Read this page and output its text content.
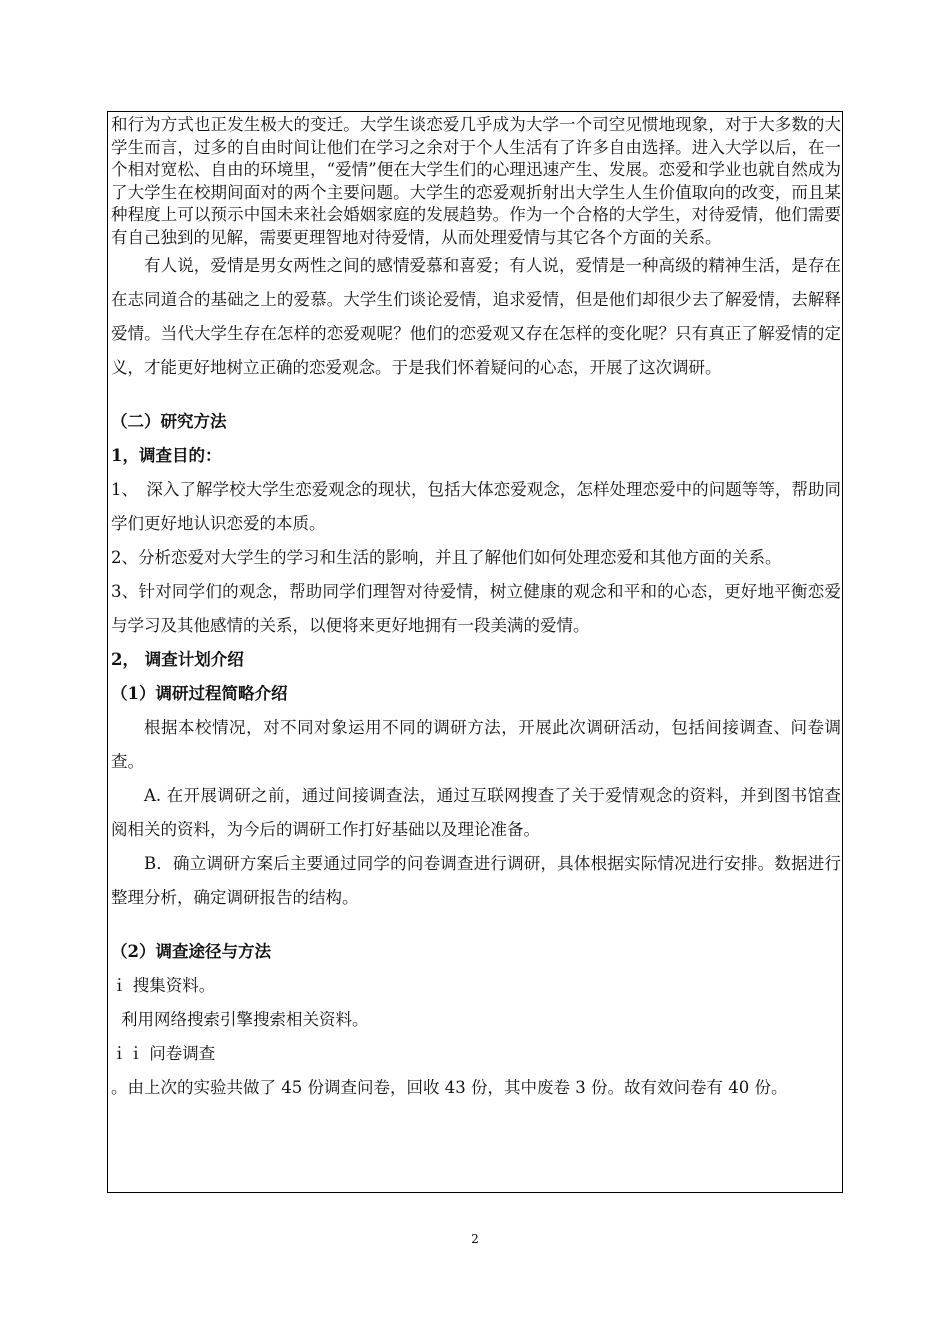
和行为方式也正发生极大的变迁。大学生谈恋爱几乎成为大学一个司空见惯地现象，对于大多数的大学生而言，过多的自由时间让他们在学习之余对于个人生活有了许多自由选择。进入大学以后，在一个相对宽松、自由的环境里，“爱情”便在大学生们的心理迅速产生、发展。恋爱和学业也就自然成为了大学生在校期间面对的两个主要问题。大学生的恋爱观折射出大学生人生价值取向的改变，而且某种程度上可以预示中国未来社会婚姻家庭的发展趋势。作为一个合格的大学生，对待爱情，他们需要有自己独到的见解，需要更理智地对待爱情，从而处理爱情与其它各个方面的关系。

有人说，爱情是男女两性之间的感情爱慕和喜爱；有人说，爱情是一种高级的精神生活，是存在在志同道合的基础之上的爱慕。大学生们谈论爱情，追求爱情，但是他们却很少去了解爱情，去解释爱情。当代大学生存在怎样的恋爱观呢？他们的恋爱观又存在怎样的变化呢？只有真正了解爱情的定义，才能更好地树立正确的恋爱观念。于是我们怀着疑问的心态，开展了这次调研。

（二）研究方法

1，调查目的：

1、　深入了解学校大学生恋爱观念的现状，包括大体恋爱观念，怎样处理恋爱中的问题等等，帮助同学们更好地认识恋爱的本质。

2、分析恋爱对大学生的学习和生活的影响，并且了解他们如何处理恋爱和其他方面的关系。

3、针对同学们的观念，帮助同学们理智对待爱情，树立健康的观念和平和的心态，更好地平衡恋爱与学习及其他感情的关系，以便将来更好地拥有一段美满的爱情。

2， 调查计划介绍

（1）调研过程简略介绍

根据本校情况，对不同对象运用不同的调研方法，开展此次调研活动，包括间接调查、问卷调查。

A. 在开展调研之前，通过间接调查法，通过互联网搜查了关于爱情观念的资料，并到图书馆查阅相关的资料，为今后的调研工作打好基础以及理论准备。

B．确立调研方案后主要通过同学的问卷调查进行调研，具体根据实际情况进行安排。数据进行整理分析，确定调研报告的结构。

（2）调查途径与方法

ｉ 搜集资料。

利用网络搜索引擎搜索相关资料。

ｉｉ 问卷调查

。由上次的实验共做了 45 份调查问卷，回收 43 份，其中废卷 3 份。故有效问卷有 40 份。

2
